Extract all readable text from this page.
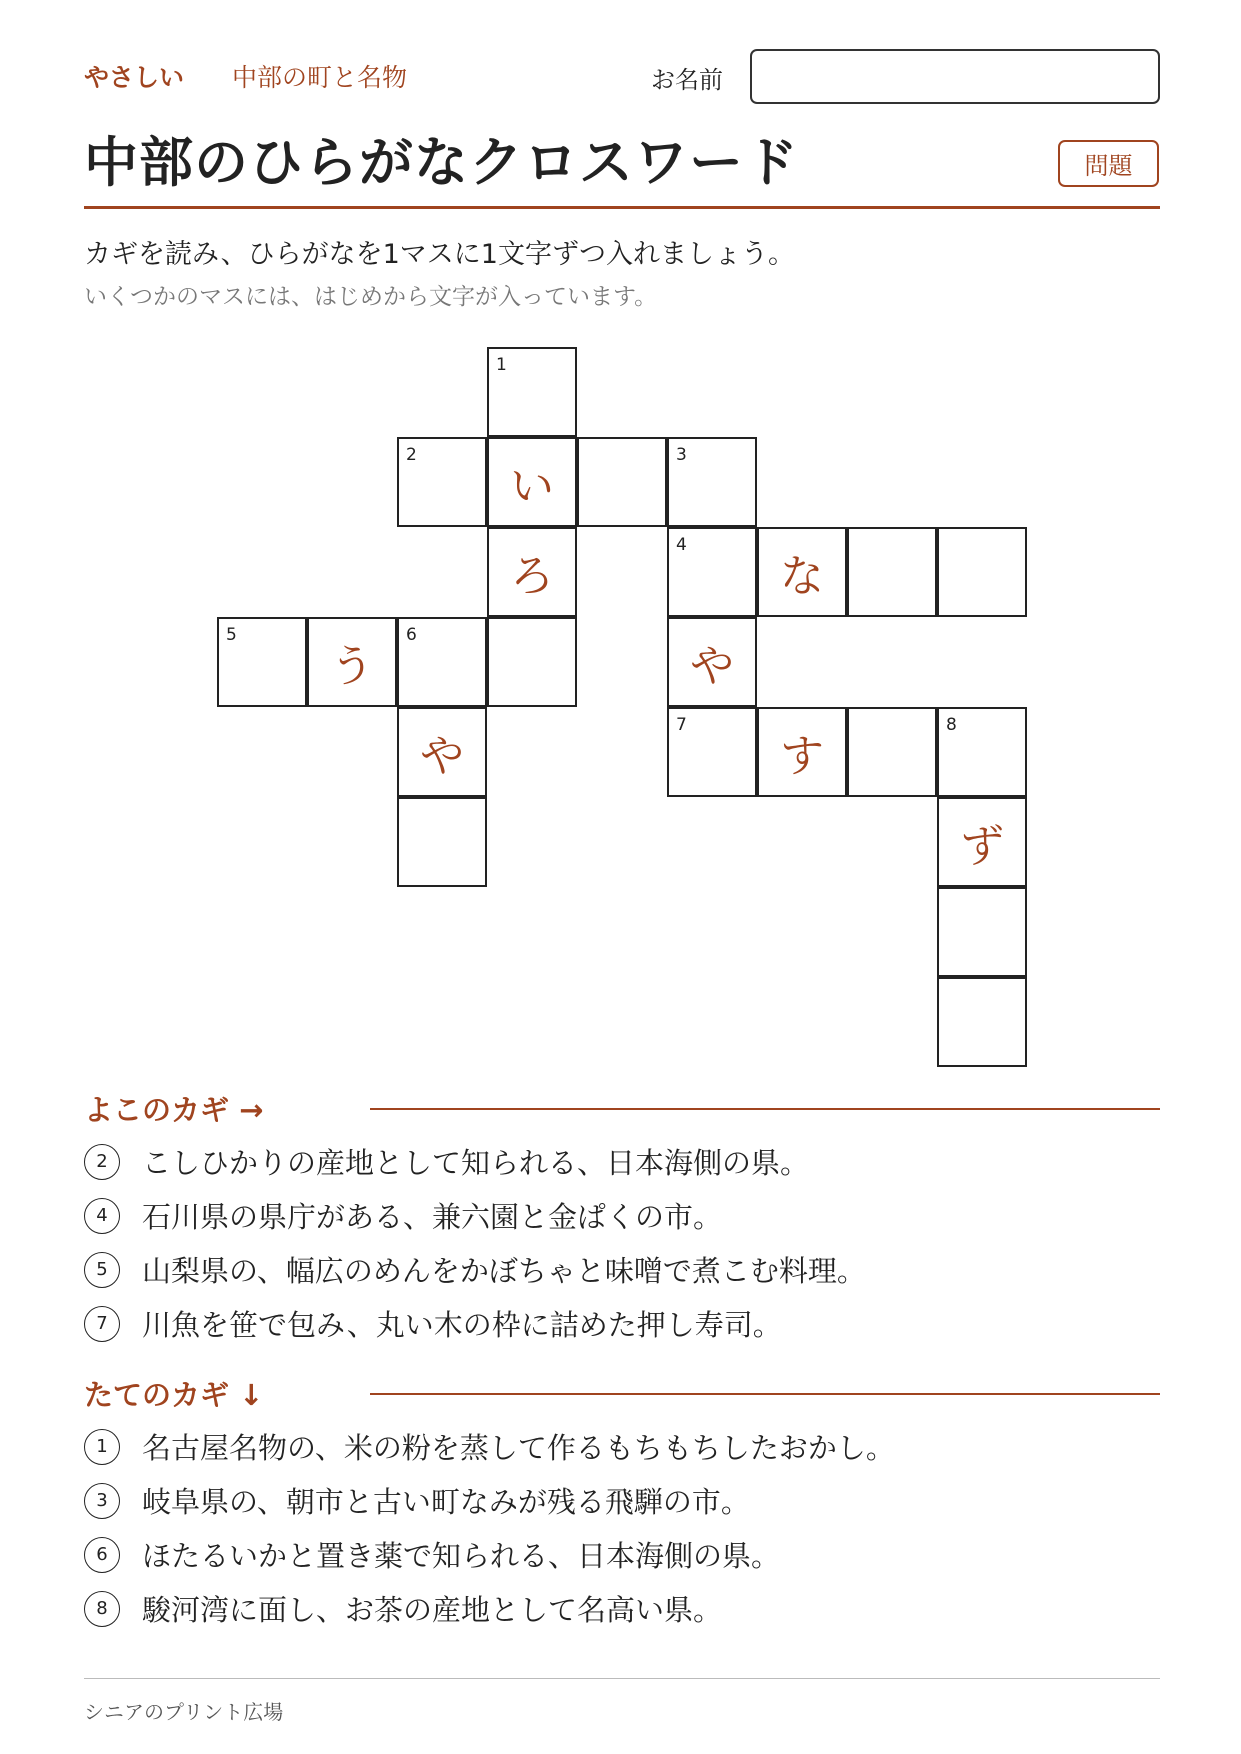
やさしい 中部の町と名物	お名前
中部のひらがなクロスワード	問題
カギを読み、ひらがなを1マスに1文字ずつ入れましょう。
いくつかのマスには、はじめから文字が入っています。
1
2
い
3
ろ
4
な
5
う
6
や
や
7
す
8
ず
よこのカギ →
2	こしひかりの産地として知られる、日本海側の県。
4	石川県の県庁がある、兼六園と金ぱくの市。
5	山梨県の、幅広のめんをかぼちゃと味噌で煮こむ料理。
7	川魚を笹で包み、丸い木の枠に詰めた押し寿司。
たてのカギ ↓
1	名古屋名物の、米の粉を蒸して作るもちもちしたおかし。
3	岐阜県の、朝市と古い町なみが残る飛騨の市。
6	ほたるいかと置き薬で知られる、日本海側の県。
8	駿河湾に面し、お茶の産地として名高い県。
シニアのプリント広場
